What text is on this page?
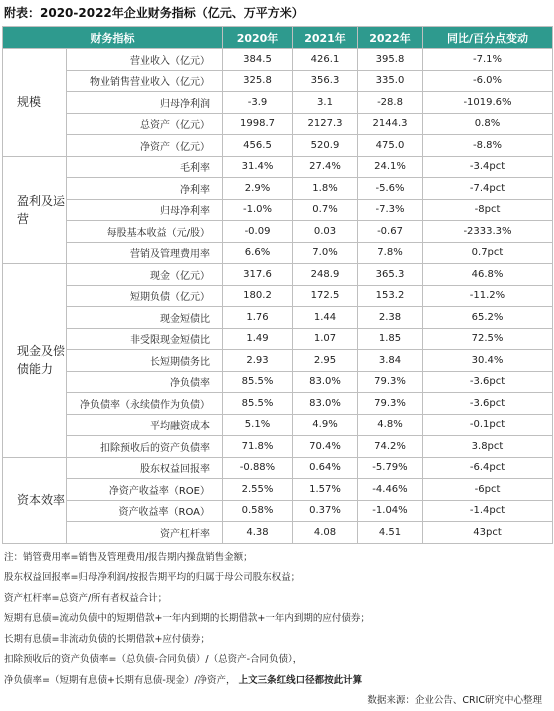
附表：2020-2022年企业财务指标（亿元、万平方米）
财务指标		2020年	2021年	2022年	同比/百分点变动
规模	营业收入（亿元）	384.5	426.1	395.8	-7.1%
	物业销售营业收入（亿元）	325.8	356.3	335.0	-6.0%
	归母净利润	-3.9	3.1	-28.8	-1019.6%
	总资产（亿元）	1998.7	2127.3	2144.3	0.8%
	净资产（亿元）	456.5	520.9	475.0	-8.8%
盈利及运营	毛利率	31.4%	27.4%	24.1%	-3.4pct
	净利率	2.9%	1.8%	-5.6%	-7.4pct
	归母净利率	-1.0%	0.7%	-7.3%	-8pct
	每股基本收益（元/股）	-0.09	0.03	-0.67	-2333.3%
	营销及管理费用率	6.6%	7.0%	7.8%	0.7pct
现金及偿债能力	现金（亿元）	317.6	248.9	365.3	46.8%
	短期负债（亿元）	180.2	172.5	153.2	-11.2%
	现金短债比	1.76	1.44	2.38	65.2%
	非受限现金短债比	1.49	1.07	1.85	72.5%
	长短期债务比	2.93	2.95	3.84	30.4%
	净负债率	85.5%	83.0%	79.3%	-3.6pct
	净负债率（永续债作为负债）	85.5%	83.0%	79.3%	-3.6pct
	平均融资成本	5.1%	4.9%	4.8%	-0.1pct
	扣除预收后的资产负债率	71.8%	70.4%	74.2%	3.8pct
资本效率	股东权益回报率	-0.88%	0.64%	-5.79%	-6.4pct
	净资产收益率（ROE）	2.55%	1.57%	-4.46%	-6pct
	资产收益率（ROA）	0.58%	0.37%	-1.04%	-1.4pct
	资产杠杆率	4.38	4.08	4.51	43pct
注：销管费用率=销售及管理费用/报告期内操盘销售金额；
股东权益回报率=归母净利润/按报告期平均的归属于母公司股东权益；
资产杠杆率=总资产/所有者权益合计；
短期有息债=流动负债中的短期借款+一年内到期的长期借款+一年内到期的应付债券；
长期有息债=非流动负债的长期借款+应付债券；
扣除预收后的资产负债率=（总负债-合同负债）/（总资产-合同负债），
净负债率=（短期有息债+长期有息债-现金）/净资产， 上文三条红线口径都按此计算
数据来源：企业公告、CRIC研究中心整理
